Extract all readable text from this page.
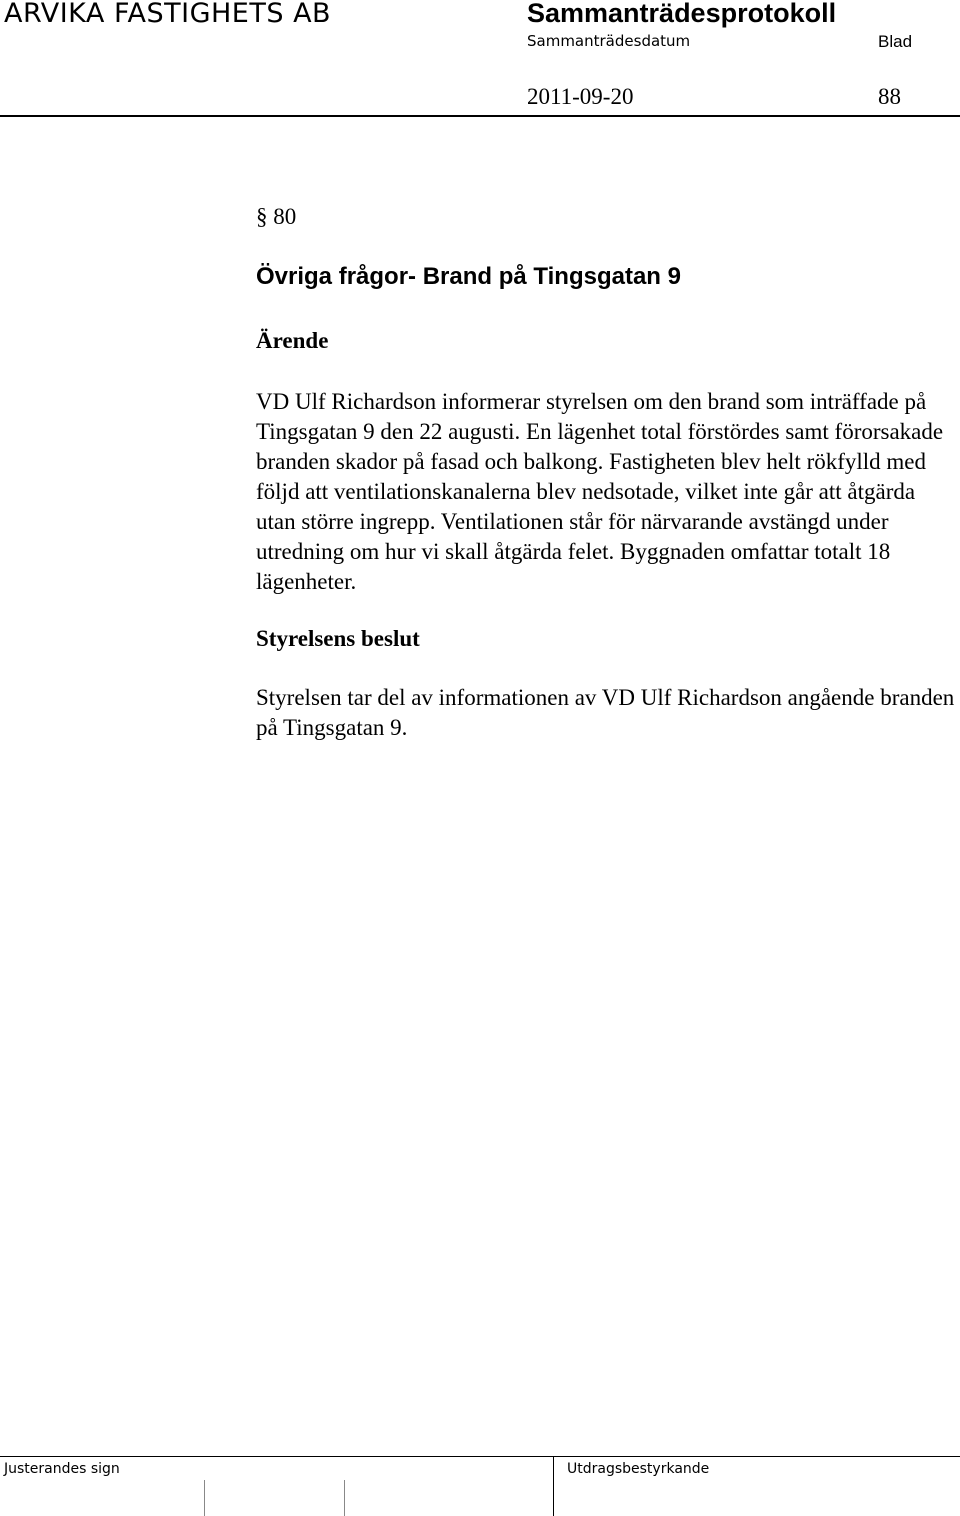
ARVIKA FASTIGHETS AB	Sammanträdesprotokoll
Sammanträdesdatum	Blad
2011-09-20	88
§ 80
Övriga frågor- Brand på Tingsgatan 9
Ärende

VD Ulf Richardson informerar styrelsen om den brand som inträffade på Tingsgatan 9 den 22 augusti. En lägenhet total förstördes samt förorsakade branden skador på fasad och balkong. Fastigheten blev helt rökfylld med följd att ventilationskanalerna blev nedsotade, vilket inte går att åtgärda utan större ingrepp. Ventilationen står för närvarande avstängd under utredning om hur vi skall åtgärda felet. Byggnaden omfattar totalt 18 lägenheter.

Styrelsens beslut

Styrelsen tar del av informationen av VD Ulf Richardson angående branden på Tingsgatan 9.

Justerandes sign	Utdragsbestyrkande
